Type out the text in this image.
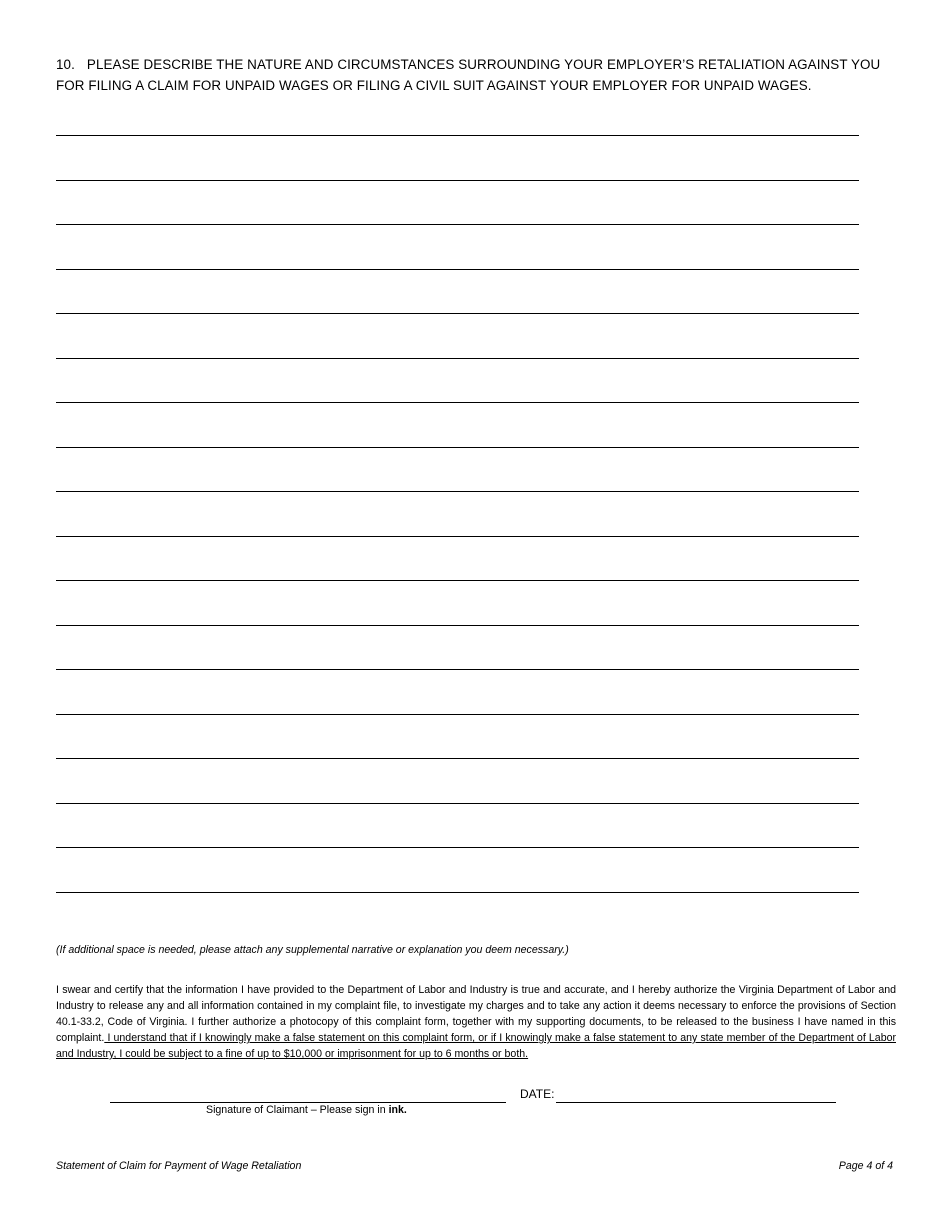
10. PLEASE DESCRIBE THE NATURE AND CIRCUMSTANCES SURROUNDING YOUR EMPLOYER’S RETALIATION AGAINST YOU FOR FILING A CLAIM FOR UNPAID WAGES OR FILING A CIVIL SUIT AGAINST YOUR EMPLOYER FOR UNPAID WAGES.
(If additional space is needed, please attach any supplemental narrative or explanation you deem necessary.)
I swear and certify that the information I have provided to the Department of Labor and Industry is true and accurate, and I hereby authorize the Virginia Department of Labor and Industry to release any and all information contained in my complaint file, to investigate my charges and to take any action it deems necessary to enforce the provisions of Section 40.1-33.2, Code of Virginia. I further authorize a photocopy of this complaint form, together with my supporting documents, to be released to the business I have named in this complaint. I understand that if I knowingly make a false statement on this complaint form, or if I knowingly make a false statement to any state member of the Department of Labor and Industry, I could be subject to a fine of up to $10,000 or imprisonment for up to 6 months or both.
DATE:
Signature of Claimant – Please sign in ink.
Statement of Claim for Payment of Wage Retaliation	Page 4 of 4
